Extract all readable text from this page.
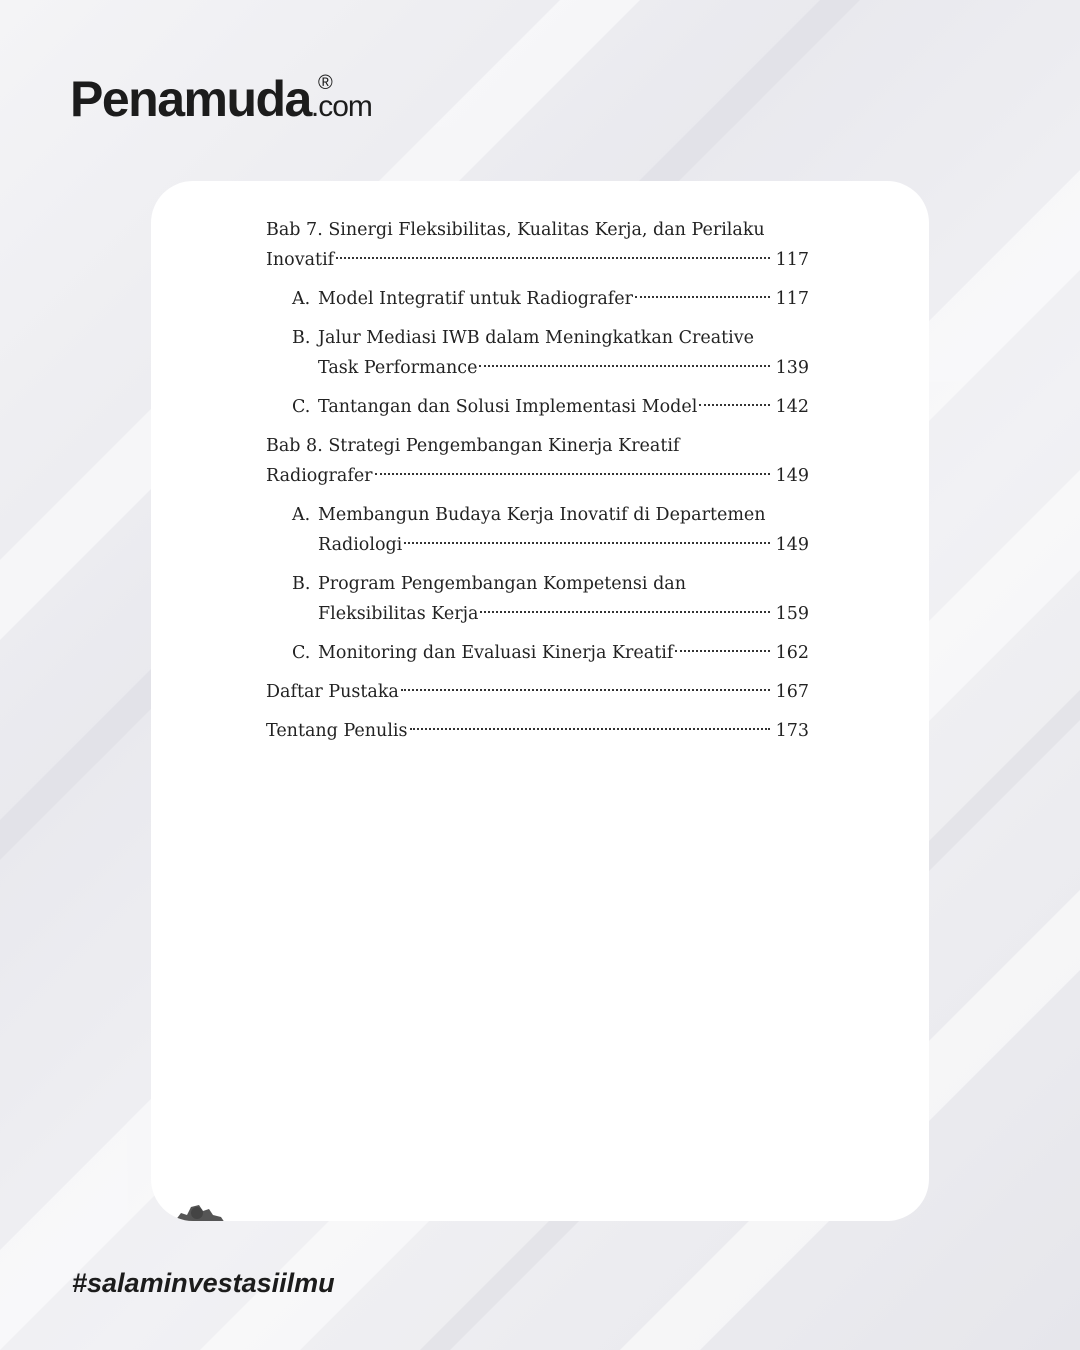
Penamuda ®
.com
Bab 7. Sinergi Fleksibilitas, Kualitas Kerja, dan Perilaku
Inovatif	117
A. Model Integratif untuk Radiografer	117
B. Jalur Mediasi IWB dalam Meningkatkan Creative
Task Performance	139
C. Tantangan dan Solusi Implementasi Model	142
Bab 8. Strategi Pengembangan Kinerja Kreatif
Radiografer	149
A. Membangun Budaya Kerja Inovatif di Departemen
Radiologi	149
B. Program Pengembangan Kompetensi dan
Fleksibilitas Kerja	159
C. Monitoring dan Evaluasi Kinerja Kreatif	162
Daftar Pustaka	167
Tentang Penulis	173
#salaminvestasiilmu
